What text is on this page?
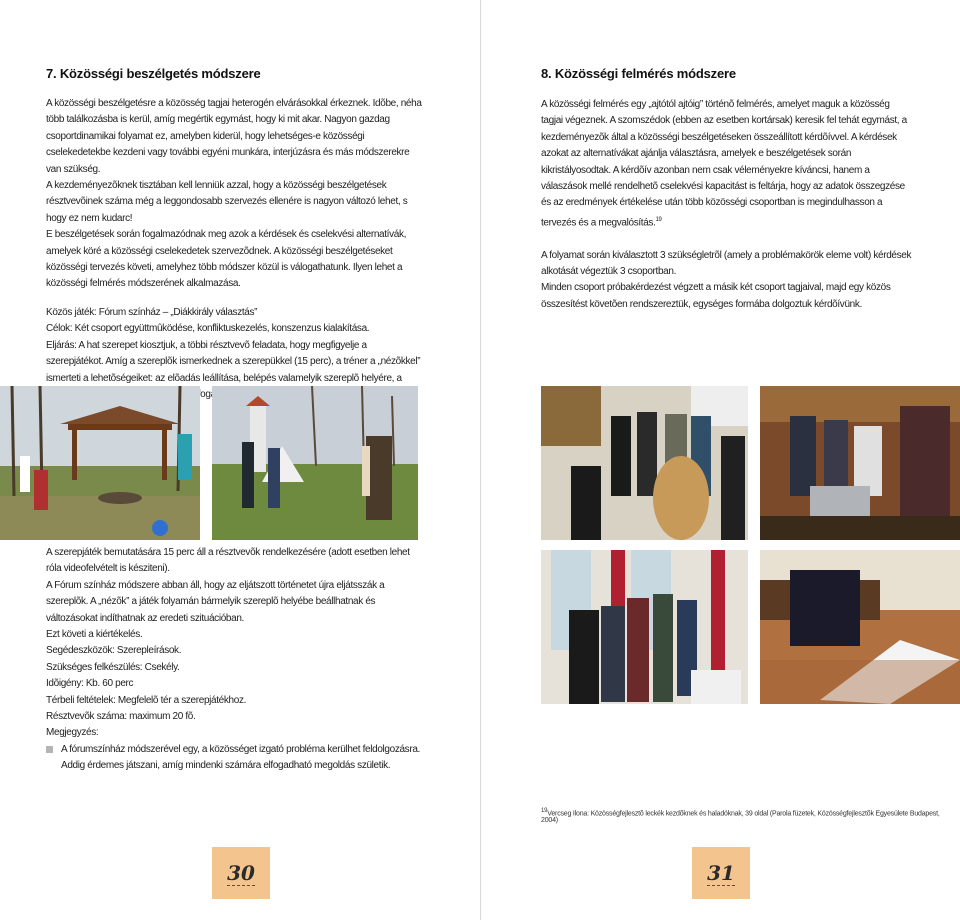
7. Közösségi beszélgetés módszere

A közösségi beszélgetésre a közösség tagjai heterogén elvárásokkal érkeznek. Idõbe, néha több találkozásba is kerül, amíg megértik egymást, hogy ki mit akar. Nagyon gazdag csoportdinamikai folyamat ez, amelyben kiderül, hogy lehetséges-e közösségi cselekedetekbe kezdeni vagy további egyéni munkára, interjúzásra és más módszerekre van szükség.

A kezdeményezõknek tisztában kell lenniük azzal, hogy a közösségi beszélgetések résztvevõinek száma még a leggondosabb szervezés ellenére is nagyon változó lehet, s hogy ez nem kudarc!

E beszélgetések során fogalmazódnak meg azok a kérdések és cselekvési alternatívák, amelyek köré a közösségi cselekedetek szervezõdnek. A közösségi beszélgetéseket közösségi tervezés követi, amelyhez több módszer közül is válogathatunk. Ilyen lehet a közösségi felmérés módszerének alkalmazása.

Közös játék: Fórum színház – „Diákkirály választás”

Célok: Két csoport együttmûködése, konfliktuskezelés, konszenzus kialakítása.

Eljárás: A hat szerepet kiosztjuk, a többi résztvevõ feladata, hogy megfigyelje a szerepjátékot. Amíg a szereplõk ismerkednek a szerepükkel (15 perc), a tréner a „nézõkkel” ismerteti a lehetõségeiket: az elõadás leállítása, belépés valamelyik szereplõ helyére, a

A szerepjáték bemutatására 15 perc áll a résztvevõk rendelkezésére (adott esetben lehet róla videofelvételt is késziteni).

A Fórum színház módszere abban áll, hogy az eljátszott történetet újra eljátsszák a szereplõk. A „nézõk” a játék folyamán bármelyik szereplõ helyébe beállhatnak és változásokat indíthatnak az eredeti szituációban.

Ezt követi a kiértékelés.

Segédeszközök: Szerepleírások.

Szükséges felkészülés: Csekély.

Idõigény: Kb. 60 perc

Térbeli feltételek: Megfelelõ tér a szerepjátékhoz.

Résztvevõk száma: maximum 20 fõ.

Megjegyzés:

A fórumszínház módszerével egy, a közösséget izgató probléma kerülhet feldolgozásra. Addig érdemes játszani, amíg mindenki számára elfogadható megoldás születik.

30
8. Közösségi felmérés módszere

A közösségi felmérés egy „ajtótól ajtóig” történõ felmérés, amelyet maguk a közösség tagjai végeznek. A szomszédok (ebben az esetben kortársak) keresik fel tehát egymást, a kezdeményezõk által a közösségi beszélgetéseken összeállított kérdõívvel. A kérdések azokat az alternatívákat ajánlja választásra, amelyek e beszélgetések során kikristályosodtak. A kérdõív azonban nem csak véleményekre kíváncsi, hanem a válaszások mellé rendelhetõ cselekvési kapacitást is feltárja, hogy az adatok összegzése és az eredmények értékelése után több közösségi csoportban is megindulhasson a tervezés és a megvalósítás.$^{19}$

A folyamat során kiválasztott 3 szükségletrõl (amely a problémakörök eleme volt) kérdések alkotását végeztük 3 csoportban.

Minden csoport próbakérdezést végzett a másik két csoport tagjaival, majd egy közös összesítést követõen rendszereztük, egységes formába dolgoztuk kérdõívünk.

$^{19}$Vercseg Ilona: Közösségfejlesztõ leckék kezdõknek és haladóknak, 39 oldal (Parola füzetek, Közösségfejlesztõk Egyesülete Budapest, 2004)
31
